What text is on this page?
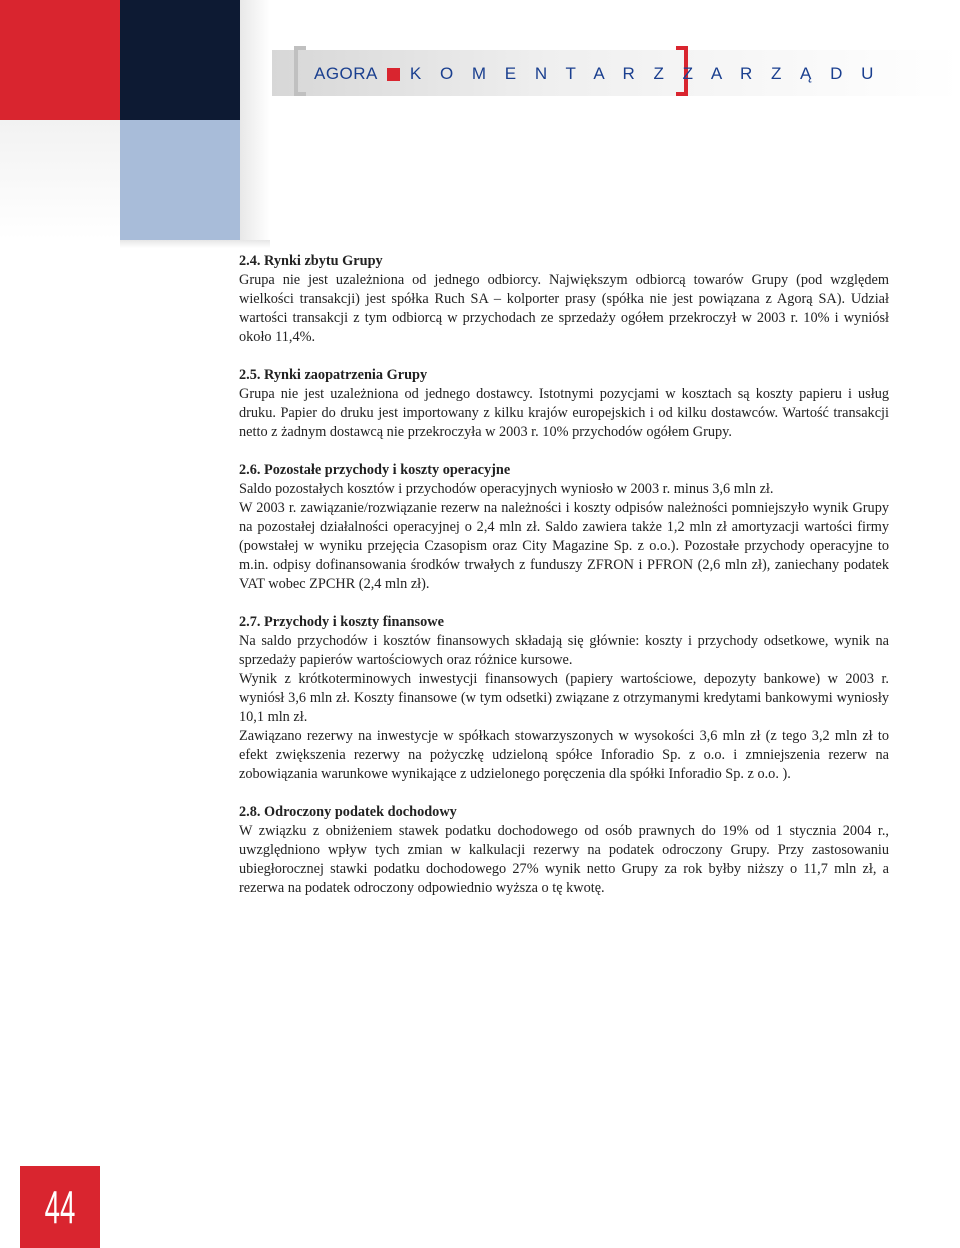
AGORA K O M E N T A R Z Z A R Z Ą D U

2.4. Rynki zbytu Grupy

Grupa nie jest uzależniona od jednego odbiorcy. Największym odbiorcą towarów Grupy (pod względem wielkości transakcji) jest spółka Ruch SA – kolporter prasy (spółka nie jest powiązana z Agorą SA). Udział wartości transakcji z tym odbiorcą w przychodach ze sprzedaży ogółem przekroczył w 2003 r. 10% i wyniósł około 11,4%.

2.5. Rynki zaopatrzenia Grupy

Grupa nie jest uzależniona od jednego dostawcy. Istotnymi pozycjami w kosztach są koszty papieru i usług druku. Papier do druku jest importowany z kilku krajów europejskich i od kilku dostawców. Wartość transakcji netto z żadnym dostawcą nie przekroczyła w 2003 r. 10% przychodów ogółem Grupy.

2.6. Pozostałe przychody i koszty operacyjne

Saldo pozostałych kosztów i przychodów operacyjnych wyniosło w 2003 r. minus 3,6 mln zł.

W 2003 r. zawiązanie/rozwiązanie rezerw na należności i koszty odpisów należności pomniejszyło wynik Grupy na pozostałej działalności operacyjnej o 2,4 mln zł. Saldo zawiera także 1,2 mln zł amortyzacji wartości firmy (powstałej w wyniku przejęcia Czasopism oraz City Magazine Sp. z o.o.). Pozostałe przychody operacyjne to m.in. odpisy dofinansowania środków trwałych z funduszy ZFRON i PFRON (2,6 mln zł), zaniechany podatek VAT wobec ZPCHR (2,4 mln zł).

2.7. Przychody i koszty finansowe

Na saldo przychodów i kosztów finansowych składają się głównie: koszty i przychody odsetkowe, wynik na sprzedaży papierów wartościowych oraz różnice kursowe.

Wynik z krótkoterminowych inwestycji finansowych (papiery wartościowe, depozyty bankowe) w 2003 r. wyniósł 3,6 mln zł. Koszty finansowe (w tym odsetki) związane z otrzymanymi kredytami bankowymi wyniosły 10,1 mln zł.

Zawiązano rezerwy na inwestycje w spółkach stowarzyszonych w wysokości 3,6 mln zł (z tego 3,2 mln zł to efekt zwiększenia rezerwy na pożyczkę udzieloną spółce Inforadio Sp. z o.o. i zmniejszenia rezerw na zobowiązania warunkowe wynikające z udzielonego poręczenia dla spółki Inforadio Sp. z o.o. ).

2.8. Odroczony podatek dochodowy

W związku z obniżeniem stawek podatku dochodowego od osób prawnych do 19% od 1 stycznia 2004 r., uwzględniono wpływ tych zmian w kalkulacji rezerwy na podatek odroczony Grupy. Przy zastosowaniu ubiegłorocznej stawki podatku dochodowego 27% wynik netto Grupy za rok byłby niższy o 11,7 mln zł, a rezerwa na podatek odroczony odpowiednio wyższa o tę kwotę.

44
